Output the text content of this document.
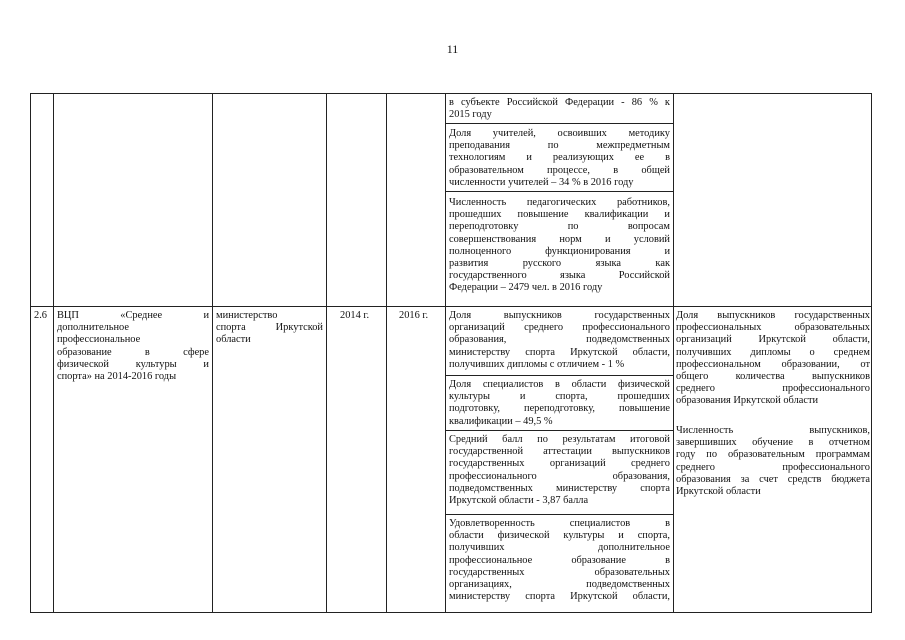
11

в субъекте Российской Федерации - 86 % к

2015 году

Доля учителей, освоивших методику

преподавания по межпредметным

технологиям и реализующих ее в

образовательном процессе, в общей

численности учителей – 34 % в 2016 году

Численность педагогических работников,

прошедших повышение квалификации и

переподготовку по вопросам

совершенствования норм и условий

полноценного функционирования и

развития русского языка как

государственного языка Российской

Федерации – 2479 чел. в 2016 году

2.6 ВЦП «Среднее и

дополнительное

профессиональное

образование в сфере

физической культуры и

спорта» на 2014-2016 годы

министерство

спорта Иркутской

области

2014 г.	2016 г. Доля выпускников государственных

организаций среднего профессионального

образования, подведомственных

министерству спорта Иркутской области,

получивших дипломы с отличием - 1 %

Доля специалистов в области физической

культуры и спорта, прошедших

подготовку, переподготовку, повышение

квалификации – 49,5 %

Средний балл по результатам итоговой

государственной аттестации выпускников

государственных организаций среднего

профессионального образования,

подведомственных министерству спорта

Иркутской области - 3,87 балла

Удовлетворенность специалистов в

области физической культуры и спорта,

получивших дополнительное

профессиональное образование в

государственных образовательных

организациях, подведомственных

министерству спорта Иркутской области,

Доля выпускников государственных

профессиональных образовательных

организаций Иркутской области,

получивших дипломы о среднем

профессиональном образовании, от

общего количества выпускников

среднего профессионального

образования Иркутской области

Численность выпускников,

завершивших обучение в отчетном

году по образовательным программам

среднего профессионального

образования за счет средств бюджета

Иркутской области
